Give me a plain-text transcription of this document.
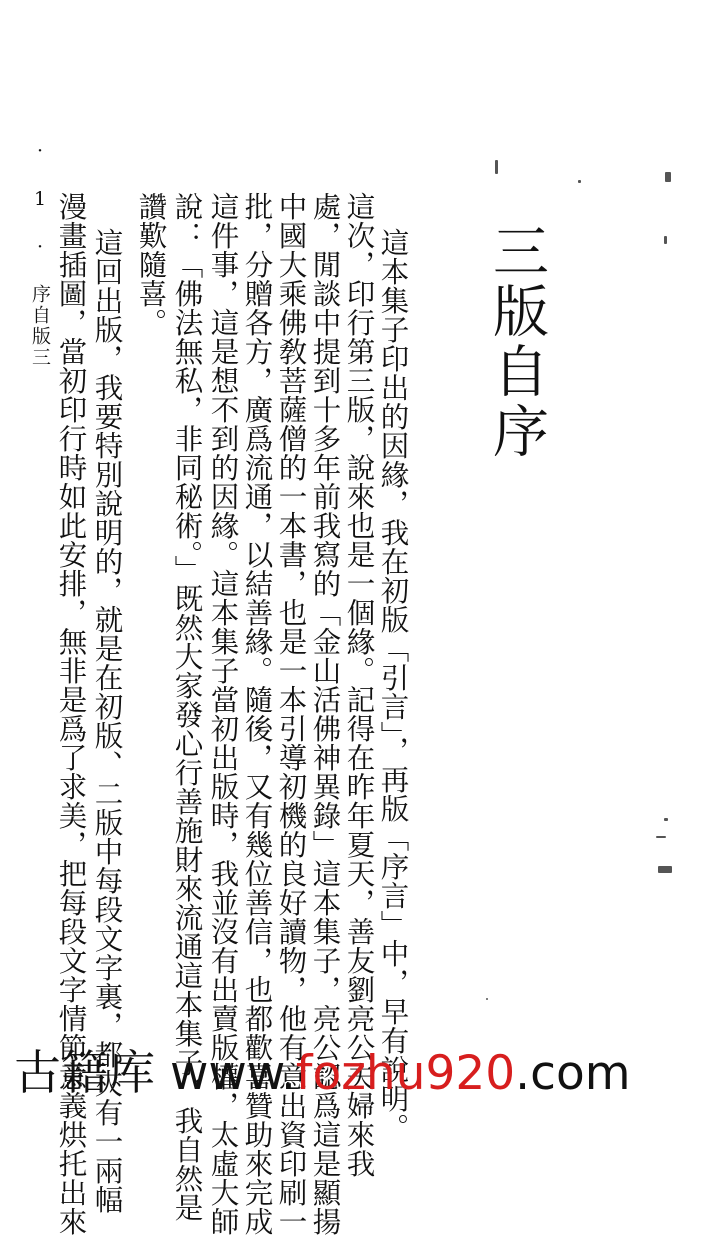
三版自序
· 1 · 序自版三	這本集子印出的因緣，我在初版「引言」，再版「序言」中，早有說明。
這次，印行第三版，說來也是一個緣。記得在昨年夏天，善友劉亮公夫婦來我
處，閒談中提到十多年前我寫的「金山活佛神異錄」這本集子，亮公認爲這是顯揚
中國大乘佛敎菩薩僧的一本書，也是一本引導初機的良好讀物，他有意出資印刷一
批，分贈各方，廣爲流通，以結善緣。隨後，又有幾位善信，也都歡喜贊助來完成
這件事，這是想不到的因緣。這本集子當初出版時，我並沒有出賣版權，太虛大師
說：「佛法無私，非同秘術。」既然大家發心行善施財來流通這本集子，我自然是
讚歎隨喜。
這回出版，我要特別說明的，就是在初版、二版中每段文字裏，都夾有一兩幅
漫畫插圖，當初印行時如此安排，無非是爲了求美，把每段文字情節意義烘托出來
古籍库 www.fozhu920.com
